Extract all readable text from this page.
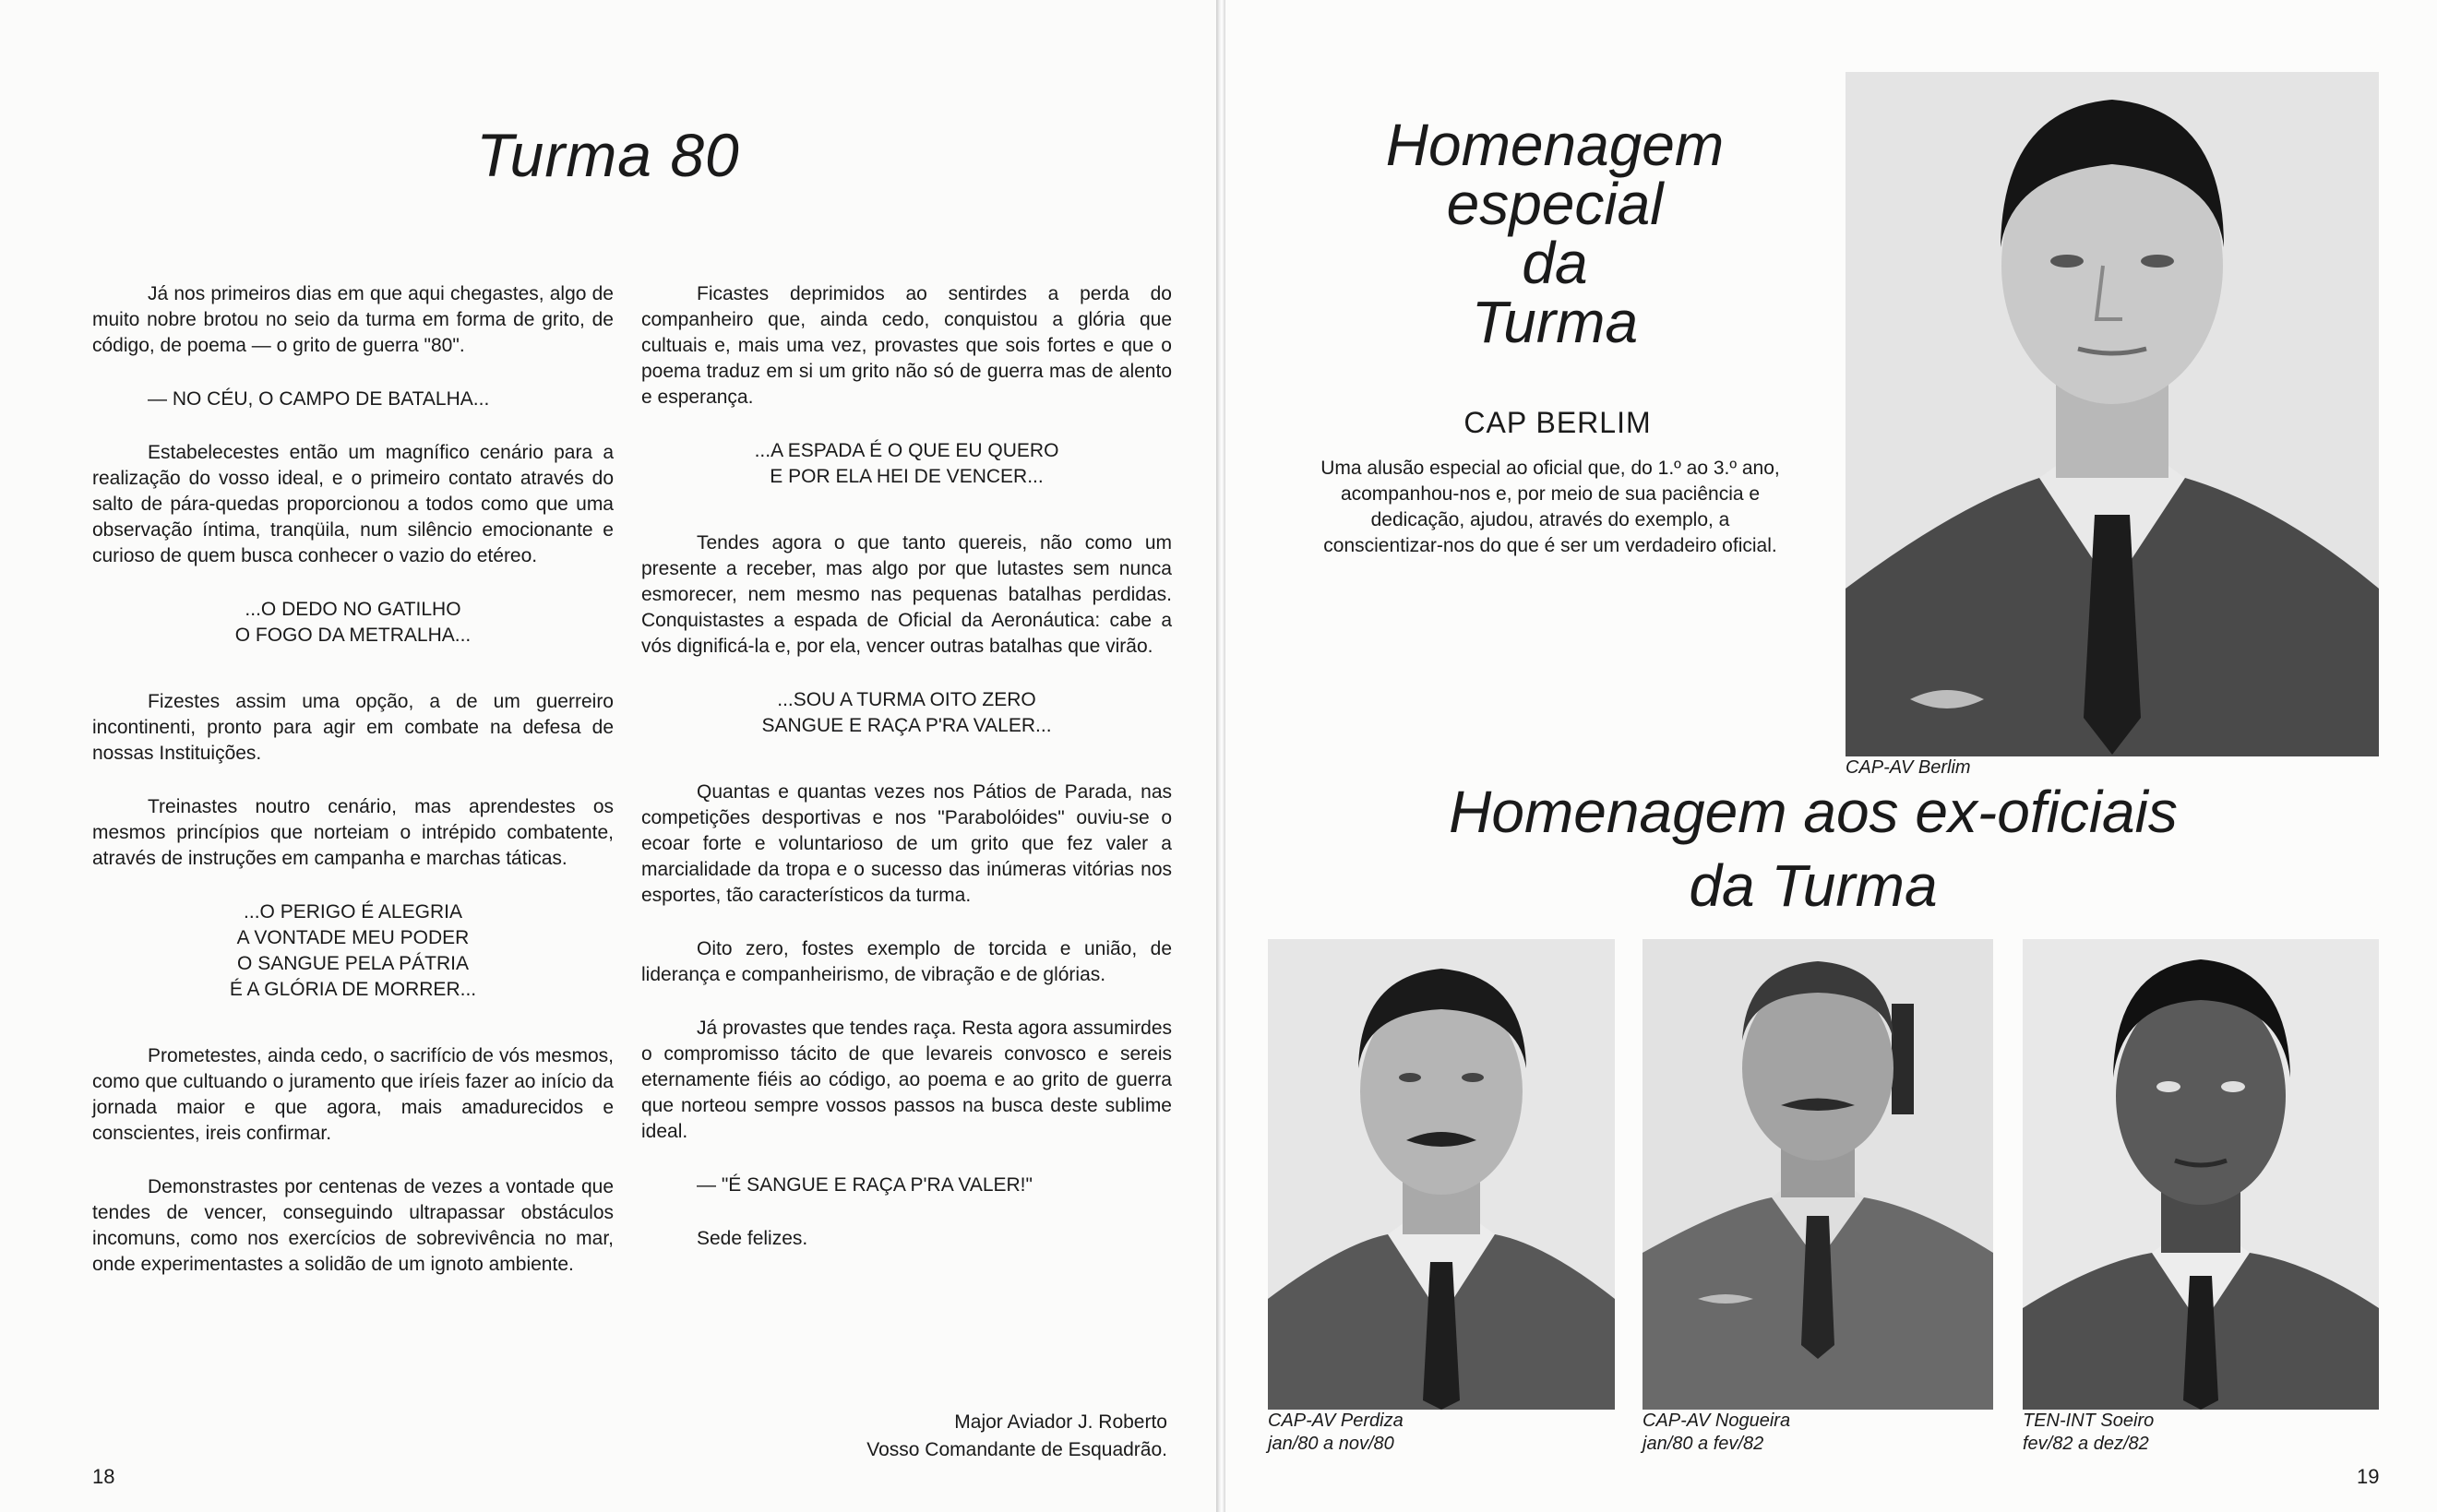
Turma 80

Já nos primeiros dias em que aqui chegastes, algo de muito nobre brotou no seio da turma em forma de grito, de código, de poema — o grito de guerra "80".

— NO CÉU, O CAMPO DE BATALHA...

Estabelecestes então um magnífico cenário para a realização do vosso ideal, e o primeiro contato através do salto de pára-quedas proporcionou a todos como que uma observação íntima, tranqüila, num silêncio emocionante e curioso de quem busca conhecer o vazio do etéreo.

...O DEDO NO GATILHO
O FOGO DA METRALHA...

Fizestes assim uma opção, a de um guerreiro incontinenti, pronto para agir em combate na defesa de nossas Instituições.

Treinastes noutro cenário, mas aprendestes os mesmos princípios que norteiam o intrépido combatente, através de instruções em campanha e marchas táticas.

...O PERIGO É ALEGRIA
A VONTADE MEU PODER
O SANGUE PELA PÁTRIA
É A GLÓRIA DE MORRER...

Prometestes, ainda cedo, o sacrifício de vós mesmos, como que cultuando o juramento que iríeis fazer ao início da jornada maior e que agora, mais amadurecidos e conscientes, ireis confirmar.

Demonstrastes por centenas de vezes a vontade que tendes de vencer, conseguindo ultrapassar obstáculos incomuns, como nos exercícios de sobrevivência no mar, onde experimentastes a solidão de um ignoto ambiente.

Ficastes deprimidos ao sentirdes a perda do companheiro que, ainda cedo, conquistou a glória que cultuais e, mais uma vez, provastes que sois fortes e que o poema traduz em si um grito não só de guerra mas de alento e esperança.

...A ESPADA É O QUE EU QUERO
E POR ELA HEI DE VENCER...

Tendes agora o que tanto quereis, não como um presente a receber, mas algo por que lutastes sem nunca esmorecer, nem mesmo nas pequenas batalhas perdidas. Conquistastes a espada de Oficial da Aeronáutica: cabe a vós dignificá-la e, por ela, vencer outras batalhas que virão.

...SOU A TURMA OITO ZERO
SANGUE E RAÇA P'RA VALER...

Quantas e quantas vezes nos Pátios de Parada, nas competições desportivas e nos "Parabolóides" ouviu-se o ecoar forte e voluntarioso de um grito que fez valer a marcialidade da tropa e o sucesso das inúmeras vitórias nos esportes, tão característicos da turma.

Oito zero, fostes exemplo de torcida e união, de liderança e companheirismo, de vibração e de glórias.

Já provastes que tendes raça. Resta agora assumirdes o compromisso tácito de que levareis convosco e sereis eternamente fiéis ao código, ao poema e ao grito de guerra que norteou sempre vossos passos na busca deste sublime ideal.

— "É SANGUE E RAÇA P'RA VALER!"

Sede felizes.

Major Aviador J. Roberto
Vosso Comandante de Esquadrão.
18
Homenagem
especial
da
Turma
CAP BERLIM
Uma alusão especial ao oficial que, do 1.º ao 3.º ano, acompanhou-nos e, por meio de sua paciência e dedicação, ajudou, através do exemplo, a conscientizar-nos do que é ser um verdadeiro oficial.
CAP-AV Berlim
Homenagem aos ex-oficiais
da Turma
CAP-AV Perdiza
jan/80 a nov/80
CAP-AV Nogueira
jan/80 a fev/82
TEN-INT Soeiro
fev/82 a dez/82
19
